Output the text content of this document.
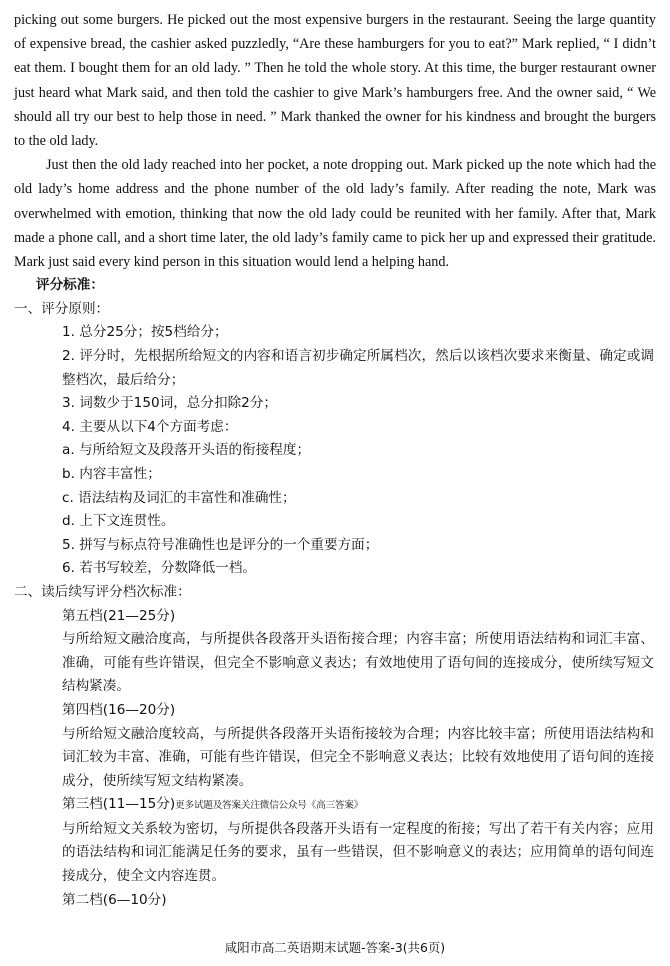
picking out some burgers. He picked out the most expensive burgers in the restaurant. Seeing the large quantity of expensive bread, the cashier asked puzzledly, “Are these hamburgers for you to eat?” Mark replied, “ I didn’t eat them. I bought them for an old lady. ” Then he told the whole story. At this time, the burger restaurant owner just heard what Mark said, and then told the cashier to give Mark’s hamburgers free. And the owner said, “ We should all try our best to help those in need. ” Mark thanked the owner for his kindness and brought the burgers to the old lady.

Just then the old lady reached into her pocket, a note dropping out. Mark picked up the note which had the old lady’s home address and the phone number of the old lady’s family. After reading the note, Mark was overwhelmed with emotion, thinking that now the old lady could be reunited with her family. After that, Mark made a phone call, and a short time later, the old lady’s family came to pick her up and expressed their gratitude. Mark just said every kind person in this situation would lend a helping hand.

评分标准：
一、评分原则：
1. 总分25分；按5档给分；
2. 评分时，先根据所给短文的内容和语言初步确定所属档次，然后以该档次要求来衡量、确定或调整档次，最后给分；
3. 词数少于150词，总分扣除2分；
4. 主要从以下4个方面考虑：
a. 与所给短文及段落开头语的衔接程度；
b. 内容丰富性；
c. 语法结构及词汇的丰富性和准确性；
d. 上下文连贯性。
5. 拼写与标点符号准确性也是评分的一个重要方面；
6. 若书写较差，分数降低一档。
二、读后续写评分档次标准：
第五档(21—25分)
与所给短文融洽度高，与所提供各段落开头语衔接合理；内容丰富；所使用语法结构和词汇丰富、准确，可能有些许错误，但完全不影响意义表达；有效地使用了语句间的连接成分，使所续写短文结构紧凑。
第四档(16—20分)
与所给短文融洽度较高，与所提供各段落开头语衔接较为合理；内容比较丰富；所使用语法结构和词汇较为丰富、准确，可能有些许错误，但完全不影响意义表达；比较有效地使用了语句间的连接成分，使所续写短文结构紧凑。
第三档(11—15分)更多试题及答案关注微信公众号《高三答案》
与所给短文关系较为密切，与所提供各段落开头语有一定程度的衔接；写出了若干有关内容；应用的语法结构和词汇能满足任务的要求，虽有一些错误，但不影响意义的表达；应用简单的语句间连接成分，使全文内容连贯。
第二档(6—10分)
咸阳市高二英语期末试题-答案-3(共6页)
